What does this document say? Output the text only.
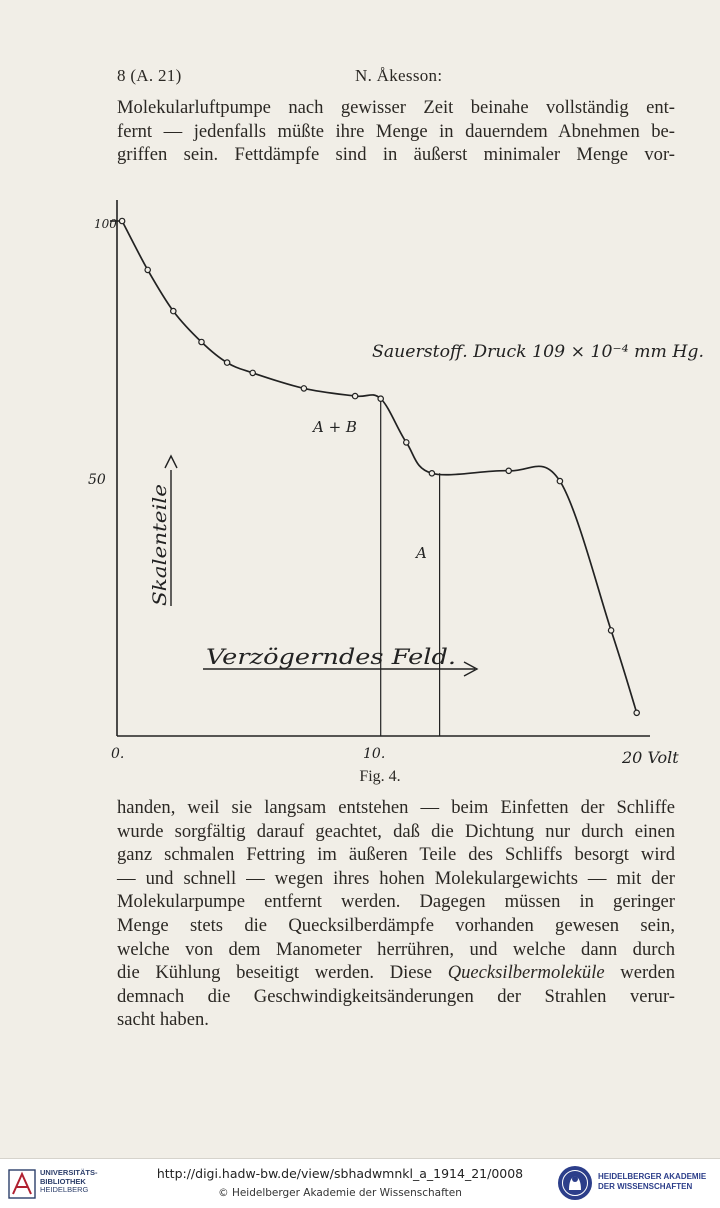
8 (A. 21)	N. Åkesson:
Molekularluftpumpe nach gewisser Zeit beinahe vollständig ent-
fernt — jedenfalls müßte ihre Menge in dauerndem Abnehmen be-
griffen sein. Fettdämpfe sind in äußerst minimaler Menge vor-
100
50
0.	10.	20 Volt
Sauerstoff. Druck 109 × 10⁻⁴ mm Hg.
A + B
A
Skalenteile
Verzögerndes Feld.
Fig. 4.
handen, weil sie langsam entstehen — beim Einfetten der Schliffe
wurde sorgfältig darauf geachtet, daß die Dichtung nur durch einen
ganz schmalen Fettring im äußeren Teile des Schliffs besorgt wird
— und schnell — wegen ihres hohen Molekulargewichts — mit der
Molekularpumpe entfernt werden. Dagegen müssen in geringer
Menge stets die Quecksilberdämpfe vorhanden gewesen sein,
welche von dem Manometer herrühren, und welche dann durch
die Kühlung beseitigt werden. Diese Quecksilbermoleküle werden
demnach die Geschwindigkeitsänderungen der Strahlen verur-
sacht haben.
UNIVERSITÄTS-
BIBLIOTHEK
HEIDELBERG
http://digi.hadw-bw.de/view/sbhadwmnkl_a_1914_21/0008
© Heidelberger Akademie der Wissenschaften
HEIDELBERGER AKADEMIE
DER WISSENSCHAFTEN
